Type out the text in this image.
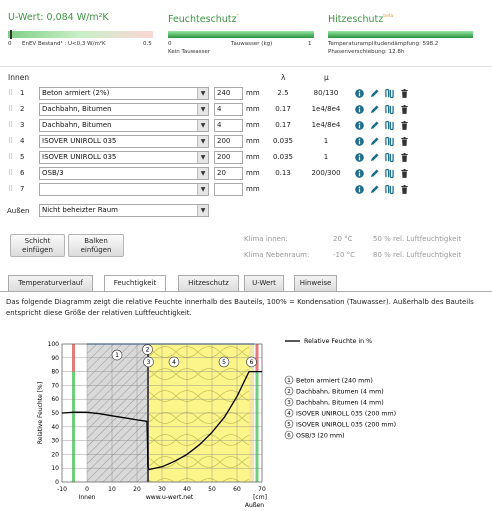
U-Wert: 0,084 W/m²K
0 EnEV Bestand¹ : U<0,3 W/m²K	0.5
Feuchteschutz*
0	Tauwasser (kg)	1
Kein Tauwasser
Hitzeschutz$^{beta}$
Temperaturamplitudendämpfung: 598.2
Phasenverschiebung: 12.8h
Innen	λ	µ
⠿ 1	Beton armiert (2%)	▼	240	mm	2.5	80/130
⠿ 2	Dachbahn, Bitumen	▼	4	mm	0.17	1e4/8e4
⠿ 3	Dachbahn, Bitumen	▼	4	mm	0.17	1e4/8e4
⠿ 4	ISOVER UNIROLL 035	▼	200	mm	0.035	1
⠿ 5	ISOVER UNIROLL 035	▼	200	mm	0.035	1
⠿ 6	OSB/3	▼	20	mm	0.13	200/300
⠿ 7	▼	mm
Außen	Nicht beheizter Raum	▼
Schicht
einfügen
Balken
einfügen
Klima innen:	20 °C	50 % rel. Luftfeuchtigkeit
Klima Nebenraum:	-10 °C	80 % rel. Luftfeuchtigkeit
Temperaturverlauf	Feuchtigkeit	Hitzeschutz	U-Wert	Hinweise
Das folgende Diagramm zeigt die relative Feuchte innerhalb des Bauteils, 100% = Kondensation (Tauwasser). Außerhalb des Bauteils entspricht diese Größe der relativen Luftfeuchtigkeit.
0
10
20
30
40
50
60
70
80
90
100
-10	0	10	20	30	40	50	60	70
[cm]
Innen
Außen
www.u-wert.net
Relative Feuchte [%]
Relative Feuchte in %
1
2
3	4	5	6
1 Beton armiert (240 mm)
2 Dachbahn, Bitumen (4 mm)
3 Dachbahn, Bitumen (4 mm)
4 ISOVER UNIROLL 035 (200 mm)
5 ISOVER UNIROLL 035 (200 mm)
6 OSB/3 (20 mm)
